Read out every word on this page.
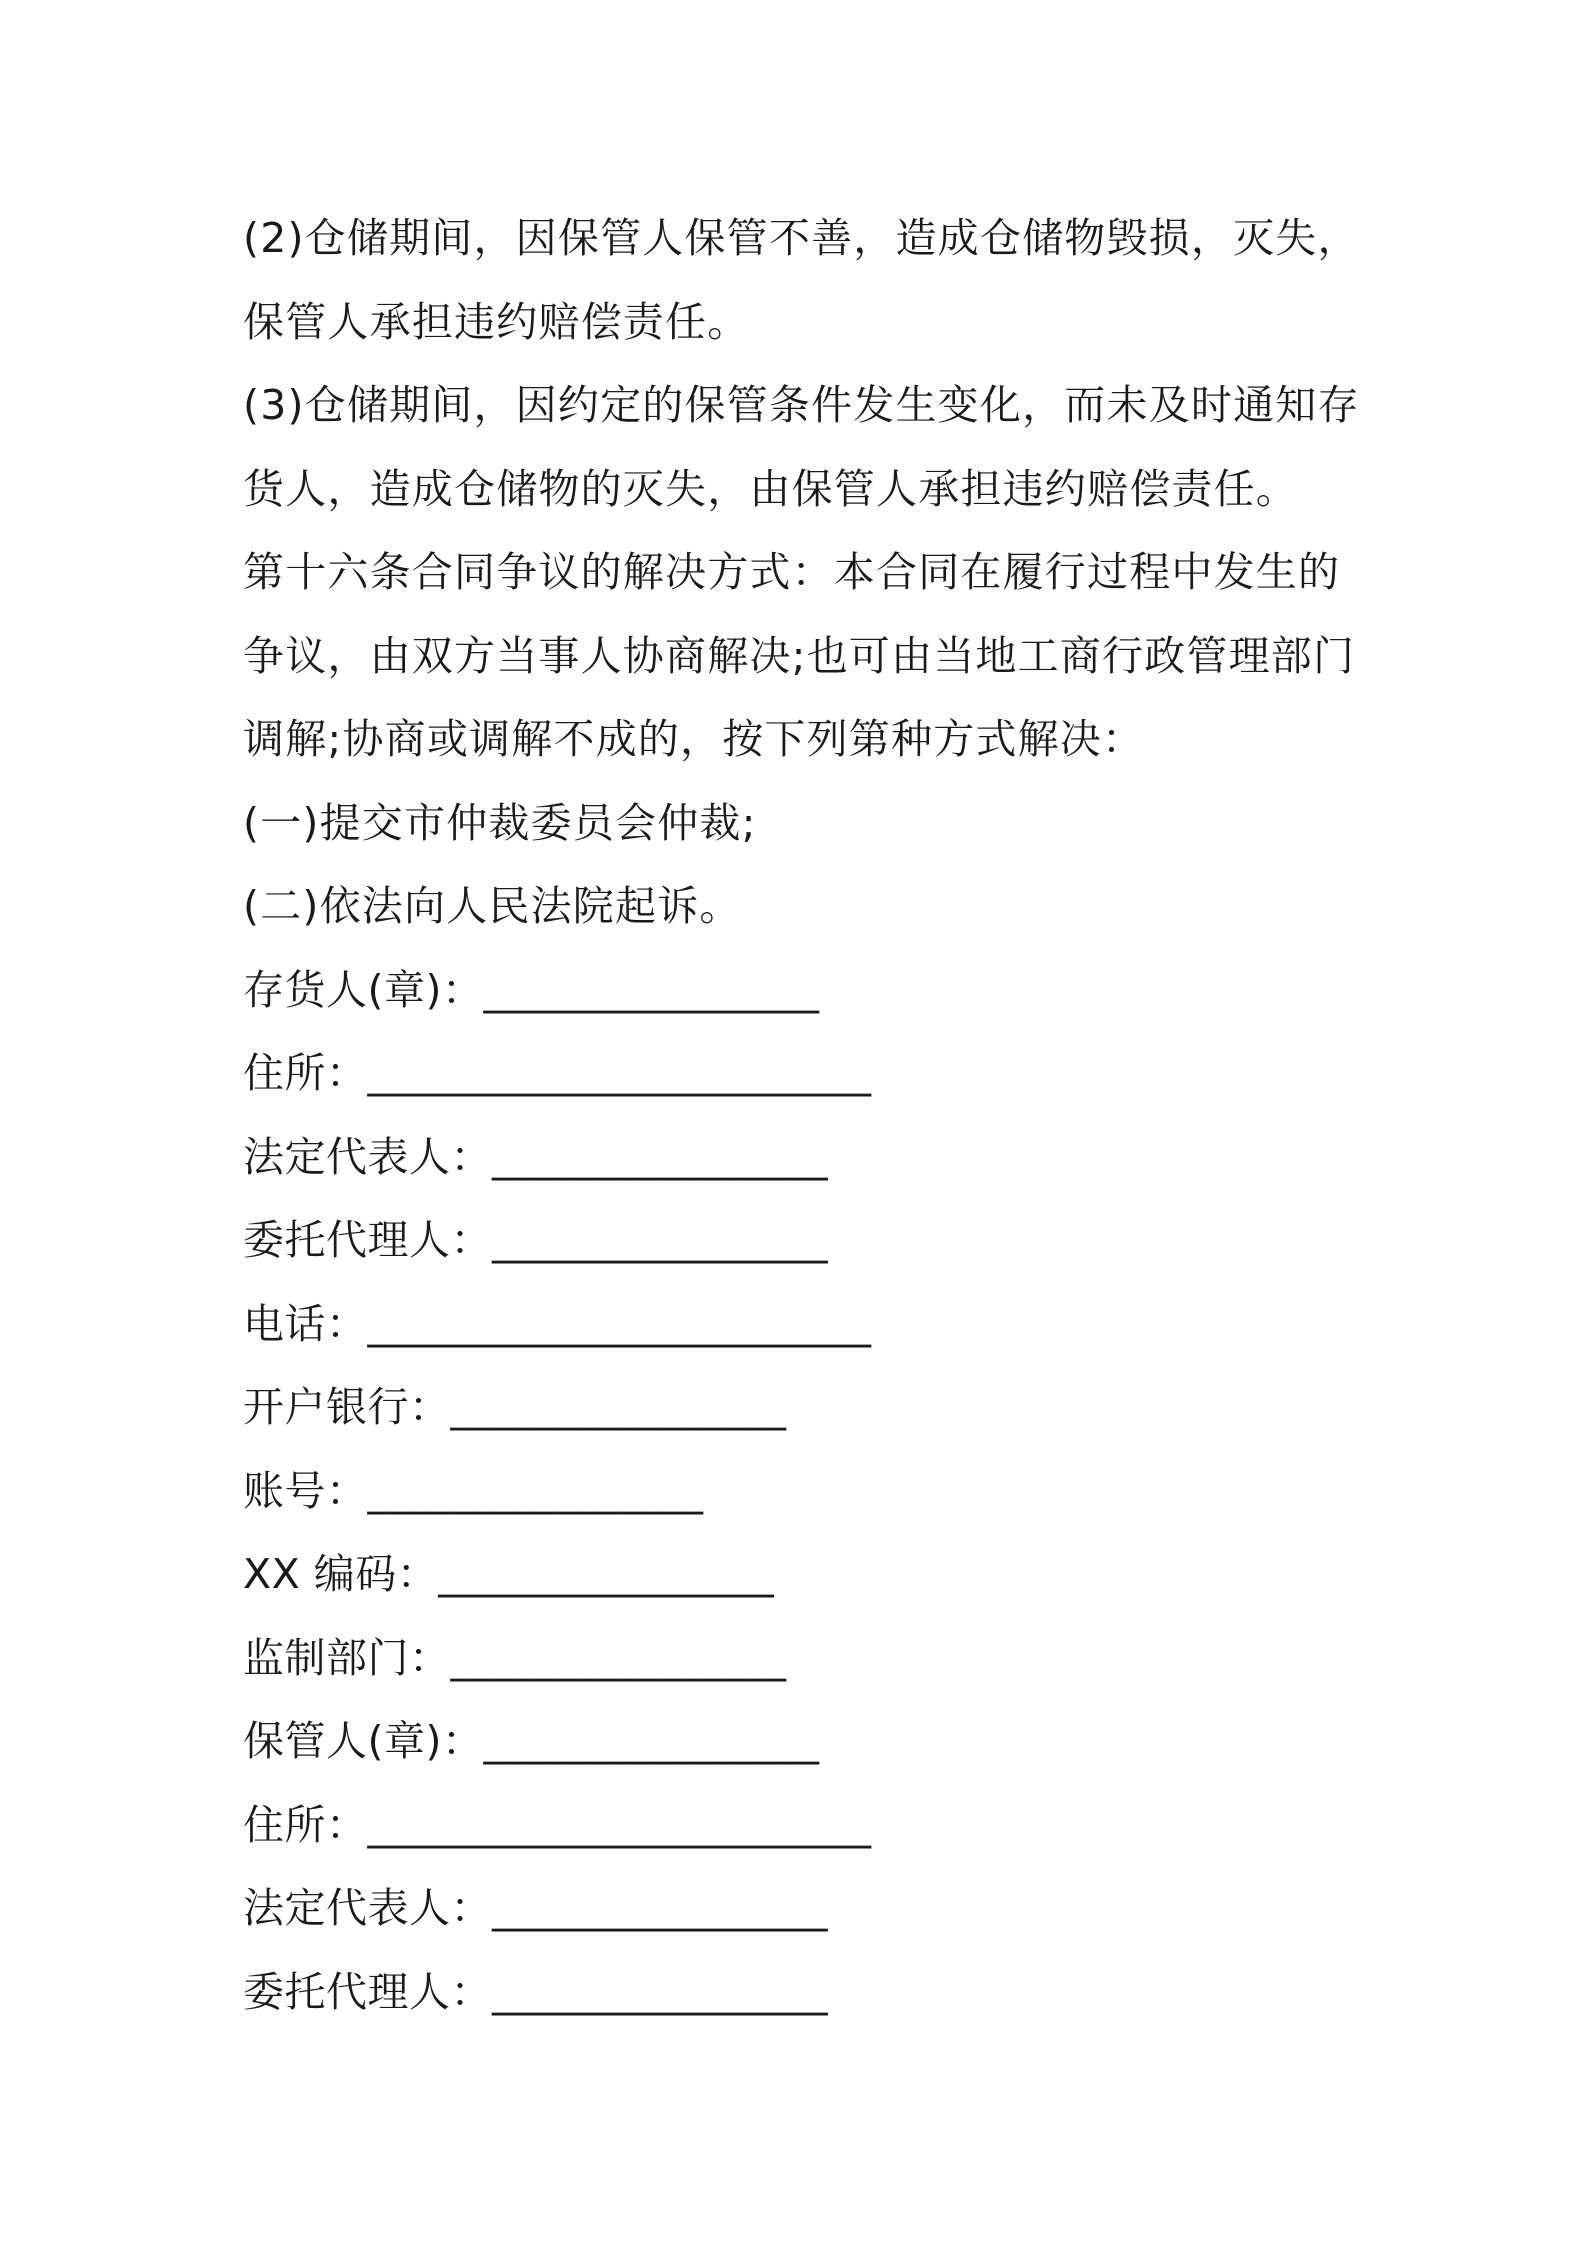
(2)仓储期间，因保管人保管不善，造成仓储物毁损，灭失，
保管人承担违约赔偿责任。
(3)仓储期间，因约定的保管条件发生变化，而未及时通知存
货人，造成仓储物的灭失，由保管人承担违约赔偿责任。
第十六条合同争议的解决方式：本合同在履行过程中发生的
争议，由双方当事人协商解决;也可由当地工商行政管理部门
调解;协商或调解不成的，按下列第种方式解决：
(一)提交市仲裁委员会仲裁;
(二)依法向人民法院起诉。
存货人(章)：________________
住所：________________________
法定代表人：________________
委托代理人：________________
电话：________________________
开户银行：________________
账号：________________
XX 编码：________________
监制部门：________________
保管人(章)：________________
住所：________________________
法定代表人：________________
委托代理人：________________
